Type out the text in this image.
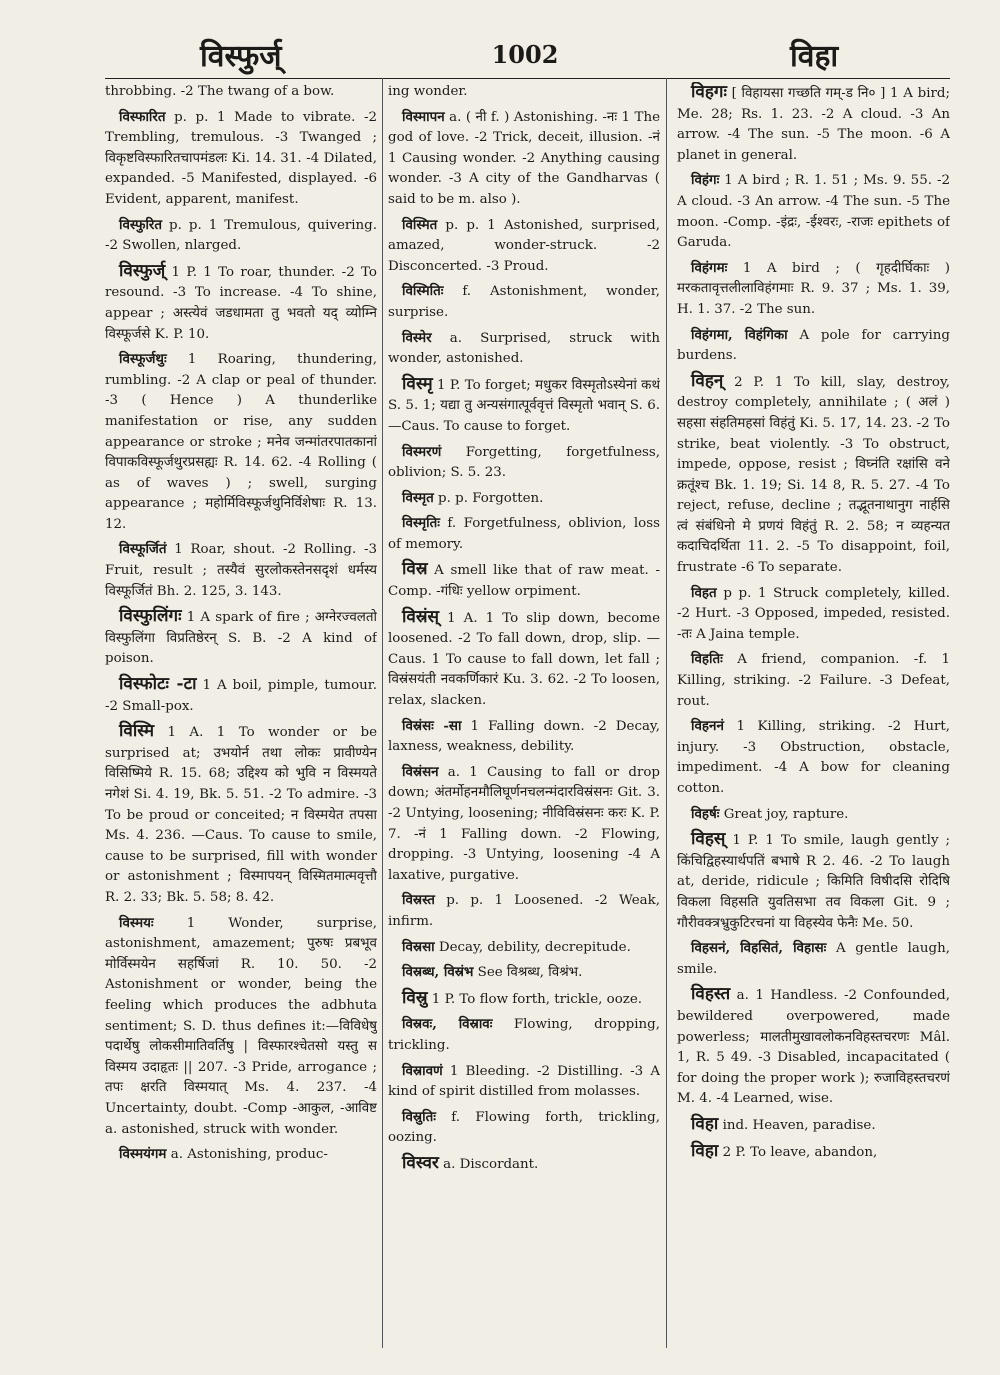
विस्फुर्ज्	1002	विहा

throbbing. -2 The twang of a bow.

विस्फारित p. p. 1 Made to vibrate. -2 Trembling, tremulous. -3 Twanged ; विकृष्टविस्फारितचापमंडलः Ki. 14. 31. -4 Dilated, expanded. -5 Manifested, displayed. -6 Evident, apparent, manifest.

विस्फुरित p. p. 1 Tremulous, quivering. -2 Swollen, nlarged.

विस्फुर्ज् 1 P. 1 To roar, thunder. -2 To resound. -3 To increase. -4 To shine, appear ; अस्त्येवं जडधामता तु भवतो यद् व्योम्नि विस्फूर्जसे K. P. 10.

विस्फूर्जथुः 1 Roaring, thundering, rumbling. -2 A clap or peal of thunder. -3 ( Hence ) A thunderlike manifestation or rise, any sudden appearance or stroke ; मनेव जन्मांतरपातकानां विपाकविस्फूर्जथुरप्रसह्यः R. 14. 62. -4 Rolling ( as of waves ) ; swell, surging appearance ; महोर्मिविस्फूर्जथुनिर्विशेषाः R. 13. 12.

विस्फूर्जितं 1 Roar, shout. -2 Rolling. -3 Fruit, result ; तस्यैवं सुरलोकस्तेनसदृशं धर्मस्य विस्फूर्जितं Bh. 2. 125, 3. 143.

विस्फुलिंगः 1 A spark of fire ; अग्नेरज्वलतो विस्फुलिंगा विप्रतिष्ठेरन् S. B. -2 A kind of poison.

विस्फोटः -टा 1 A boil, pimple, tumour. -2 Small-pox.

विस्मि 1 A. 1 To wonder or be surprised at; उभयोर्न तथा लोकः प्रावीण्येन विसिष्मिये R. 15. 68; उद्दिश्य को भुवि न विस्मयते नगेशं Si. 4. 19, Bk. 5. 51. -2 To admire. -3 To be proud or conceited; न विस्मयेत तपसा Ms. 4. 236. —Caus. To cause to smile, cause to be surprised, fill with wonder or astonishment ; विस्मापयन् विस्मितमात्मवृत्तौ R. 2. 33; Bk. 5. 58; 8. 42.

विस्मयः 1 Wonder, surprise, astonishment, amazement; पुरुषः प्रबभूव मोर्विस्मयेन सहर्षिजां R. 10. 50. -2 Astonishment or wonder, being the feeling which produces the adbhuta sentiment; S. D. thus defines it:—विविधेषु पदार्थेषु लोकसीमातिवर्तिषु | विस्फारश्चेतसो यस्तु स विस्मय उदाहृतः || 207. -3 Pride, arrogance ; तपः क्षरति विस्मयात् Ms. 4. 237. -4 Uncertainty, doubt. -Comp -आकुल, -आविष्ट a. astonished, struck with wonder.

विस्मयंगम a. Astonishing, produc-

ing wonder.

विस्मापन a. ( नी f. ) Astonishing. -नः 1 The god of love. -2 Trick, deceit, illusion. -नं 1 Causing wonder. -2 Anything causing wonder. -3 A city of the Gandharvas ( said to be m. also ).

विस्मित p. p. 1 Astonished, surprised, amazed, wonder-struck. -2 Disconcerted. -3 Proud.

विस्मितिः f. Astonishment, wonder, surprise.

विस्मेर a. Surprised, struck with wonder, astonished.

विस्मृ 1 P. To forget; मधुकर विस्मृतोऽस्येनां कथं S. 5. 1; यद्या तु अन्यसंगात्पूर्ववृत्तं विस्मृतो भवान् S. 6. —Caus. To cause to forget.

विस्मरणं Forgetting, forgetfulness, oblivion; S. 5. 23.

विस्मृत p. p. Forgotten.

विस्मृतिः f. Forgetfulness, oblivion, loss of memory.

विस्र A smell like that of raw meat. -Comp. -गंधिः yellow orpiment.

विस्रंस् 1 A. 1 To slip down, become loosened. -2 To fall down, drop, slip. —Caus. 1 To cause to fall down, let fall ; विस्रंसयंती नवकर्णिकारं Ku. 3. 62. -2 To loosen, relax, slacken.

विस्रंसः -सा 1 Falling down. -2 Decay, laxness, weakness, debility.

विस्रंसन a. 1 Causing to fall or drop down; अंतर्मोहनमौलिघूर्णनचलन्मंदारविस्रंसनः Git. 3. -2 Untying, loosening; नीविविस्रंसनः करः K. P. 7. -नं 1 Falling down. -2 Flowing, dropping. -3 Untying, loosening -4 A laxative, purgative.

विस्रस्त p. p. 1 Loosened. -2 Weak, infirm.

विस्रसा Decay, debility, decrepitude.

विस्रब्ध, विस्रंभ See विश्रब्ध, विश्रंभ.

विस्रु 1 P. To flow forth, trickle, ooze.

विस्रवः, विस्रावः Flowing, dropping, trickling.

विस्रावणं 1 Bleeding. -2 Distilling. -3 A kind of spirit distilled from molasses.

विस्रुतिः f. Flowing forth, trickling, oozing.

विस्वर a. Discordant.

विहगः [ विहायसा गच्छति गम्-ड नि० ] 1 A bird; Me. 28; Rs. 1. 23. -2 A cloud. -3 An arrow. -4 The sun. -5 The moon. -6 A planet in general.

विहंगः 1 A bird ; R. 1. 51 ; Ms. 9. 55. -2 A cloud. -3 An arrow. -4 The sun. -5 The moon. -Comp. -इंद्रः, -ईश्वरः, -राजः epithets of Garuda.

विहंगमः 1 A bird ; ( गृहदीर्घिकाः ) मरकतावृत्तलीलाविहंगमाः R. 9. 37 ; Ms. 1. 39, H. 1. 37. -2 The sun.

विहंगमा, विहंगिका A pole for carrying burdens.

विहन् 2 P. 1 To kill, slay, destroy, destroy completely, annihilate ; ( अलं ) सहसा संहतिमहसां विहंतुं Ki. 5. 17, 14. 23. -2 To strike, beat violently. -3 To obstruct, impede, oppose, resist ; विघ्नंति रक्षांसि वने क्रतूंश्च Bk. 1. 19; Si. 14 8, R. 5. 27. -4 To reject, refuse, decline ; तद्भूतनाथानुग नार्हसि त्वं संबंधिनो मे प्रणयं विहंतुं R. 2. 58; न व्यहन्यत कदाचिदर्थिता 11. 2. -5 To disappoint, foil, frustrate -6 To separate.

विहत p p. 1 Struck completely, killed. -2 Hurt. -3 Opposed, impeded, resisted. -तः A Jaina temple.

विहतिः A friend, companion. -f. 1 Killing, striking. -2 Failure. -3 Defeat, rout.

विहननं 1 Killing, striking. -2 Hurt, injury. -3 Obstruction, obstacle, impediment. -4 A bow for cleaning cotton.

विहर्षः Great joy, rapture.

विहस् 1 P. 1 To smile, laugh gently ; किंचिद्विहस्यार्थपतिं बभाषे R 2. 46. -2 To laugh at, deride, ridicule ; किमिति विषीदसि रोदिषि विकला विहसति युवतिसभा तव विकला Git. 9 ; गौरीवक्त्रभ्रुकुटिरचनां या विहस्येव फेनैः Me. 50.

विहसनं, विहसितं, विहासः A gentle laugh, smile.

विहस्त a. 1 Handless. -2 Confounded, bewildered overpowered, made powerless; मालतीमुखावलोकनविहस्तचरणः Mâl. 1, R. 5 49. -3 Disabled, incapacitated ( for doing the proper work ); रुजाविहस्तचरणं M. 4. -4 Learned, wise.

विहा ind. Heaven, paradise.

विहा 2 P. To leave, abandon,
